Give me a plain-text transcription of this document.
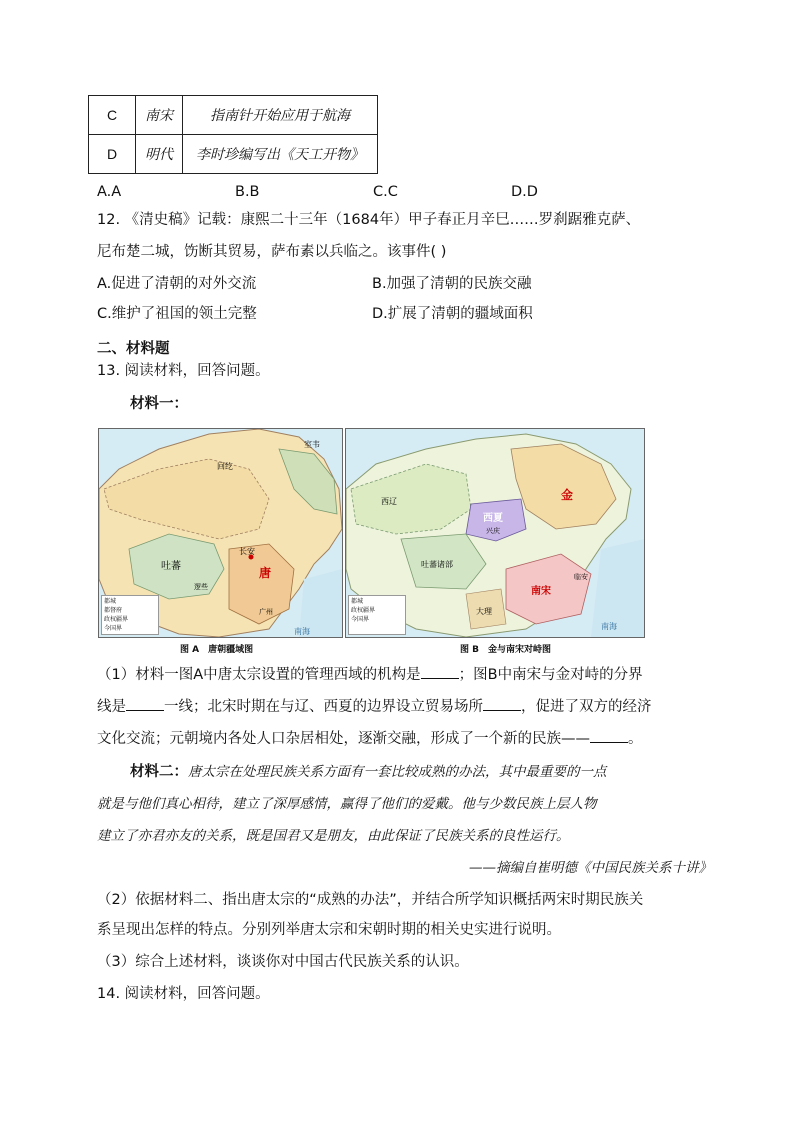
C	南宋	指南针开始应用于航海
D	明代	李时珍编写出《天工开物》
A.A	B.B	C.C	D.D
12. 《清史稿》记载：康熙二十三年（1684年）甲子春正月辛巳……罗刹踞雅克萨、
尼布楚二城，饬断其贸易，萨布素以兵临之。该事件( )
A.促进了清朝的对外交流	B.加强了清朝的民族交融
C.维护了祖国的领土完整	D.扩展了清朝的疆域面积
二、材料题
13. 阅读材料，回答问题。
材料一：
长安
唐
吐蕃
逻些
回纥
室韦
广州
南海
都城
都督府
政权疆界
今国界
西夏
兴庆
金
南宋
临安
吐蕃诸部
大理
西辽
南海
都城
政权疆界
今国界
图 A　唐朝疆域图	图 B　金与南宋对峙图
（1）材料一图A中唐太宗设置的管理西域的机构是	；图B中南宋与金对峙的分界
线是	一线；北宋时期在与辽、西夏的边界设立贸易场所	，促进了双方的经济
文化交流；元朝境内各处人口杂居相处，逐渐交融，形成了一个新的民族——	。
材料二：唐太宗在处理民族关系方面有一套比较成熟的办法，其中最重要的一点
就是与他们真心相待，建立了深厚感情，赢得了他们的爱戴。他与少数民族上层人物
建立了亦君亦友的关系，既是国君又是朋友，由此保证了民族关系的良性运行。
——摘编自崔明德《中国民族关系十讲》
（2）依据材料二、指出唐太宗的“成熟的办法”，并结合所学知识概括两宋时期民族关
系呈现出怎样的特点。分别列举唐太宗和宋朝时期的相关史实进行说明。
（3）综合上述材料，谈谈你对中国古代民族关系的认识。
14. 阅读材料，回答问题。
